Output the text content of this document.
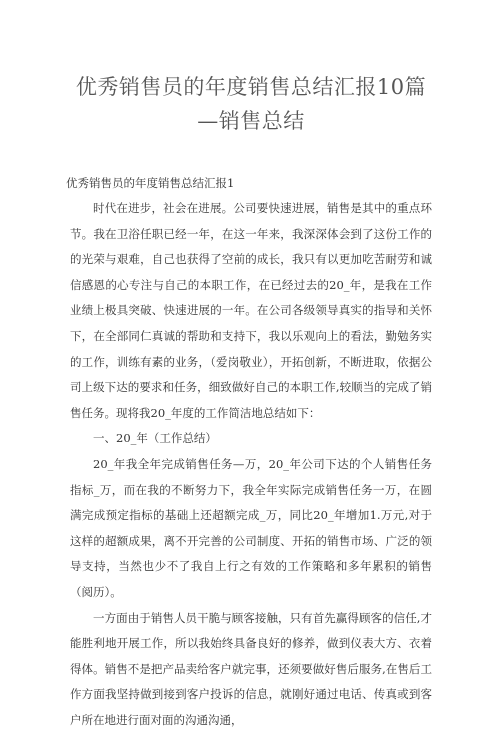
优秀销售员的年度销售总结汇报10篇—销售总结
优秀销售员的年度销售总结汇报1

时代在进步，社会在进展。公司要快速进展，销售是其中的重点环节。我在卫浴任职已经一年，在这一年来，我深深体会到了这份工作的的光荣与艰难，自己也获得了空前的成长，我只有以更加吃苦耐劳和诚信感恩的心专注与自己的本职工作，在已经过去的20_年，是我在工作业绩上极具突破、快速进展的一年。在公司各级领导真实的指导和关怀下，在全部同仁真诚的帮助和支持下，我以乐观向上的看法，勤勉务实的工作，训练有素的业务，（爱岗敬业），开拓创新，不断进取，依据公司上级下达的要求和任务，细致做好自己的本职工作,较顺当的完成了销售任务。现将我20_年度的工作简洁地总结如下：

一、20_年（工作总结）

20_年我全年完成销售任务—万，20_年公司下达的个人销售任务指标_万，而在我的不断努力下，我全年实际完成销售任务一万，在圆满完成预定指标的基础上还超额完成_万，同比20_年增加1.万元,对于这样的超额成果，离不开完善的公司制度、开拓的销售市场、广泛的领导支持，当然也少不了我自上行之有效的工作策略和多年累积的销售（阅历）。

一方面由于销售人员干脆与顾客接触，只有首先赢得顾客的信任,才能胜利地开展工作，所以我始终具备良好的修养，做到仪表大方、衣着得体。销售不是把产品卖给客户就完事，还须要做好售后服务,在售后工作方面我坚持做到接到客户投诉的信息，就刚好通过电话、传真或到客户所在地进行面对面的沟通沟通，
